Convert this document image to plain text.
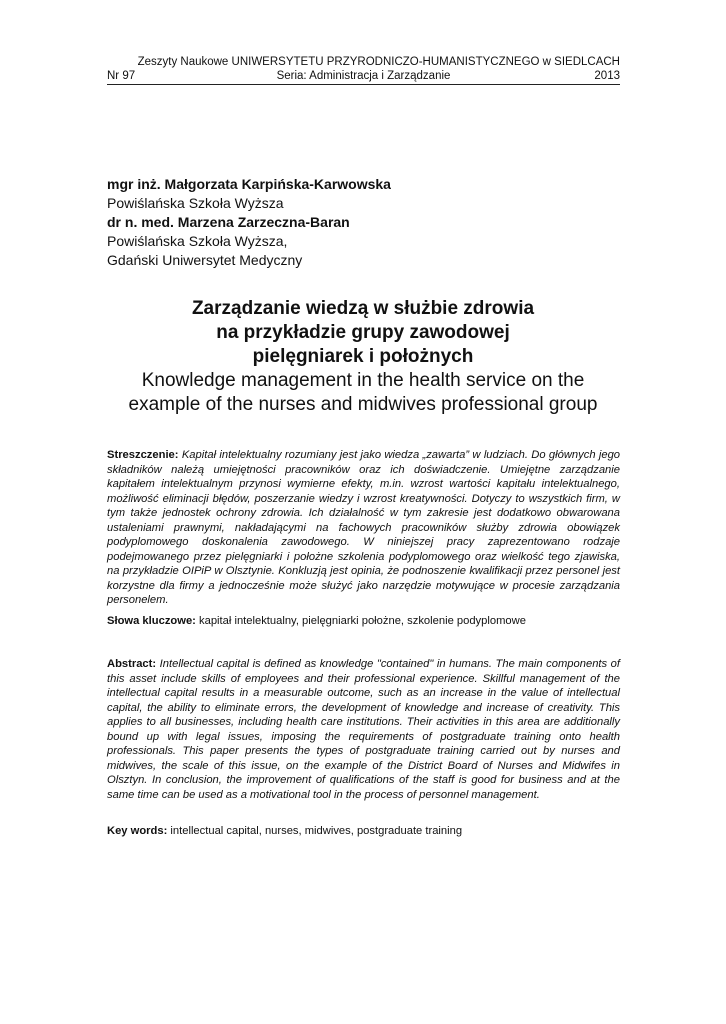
Zeszyty Naukowe UNIWERSYTETU PRZYRODNICZO-HUMANISTYCZNEGO w SIEDLCACH
Nr 97	Seria: Administracja i Zarządzanie	2013
mgr inż. Małgorzata Karpińska-Karwowska
Powiślańska Szkoła Wyższa
dr n. med. Marzena Zarzeczna-Baran
Powiślańska Szkoła Wyższa,
Gdański Uniwersytet Medyczny
Zarządzanie wiedzą w służbie zdrowia
na przykładzie grupy zawodowej
pielęgniarek i położnych
Knowledge management in the health service on the
example of the nurses and midwives professional group
Streszczenie: Kapitał intelektualny rozumiany jest jako wiedza „zawarta” w ludziach. Do głównych jego składników należą umiejętności pracowników oraz ich doświadczenie. Umiejętne zarządzanie kapitałem intelektualnym przynosi wymierne efekty, m.in. wzrost wartości kapitału intelektualnego, możliwość eliminacji błędów, poszerzanie wiedzy i wzrost kreatywności. Dotyczy to wszystkich firm, w tym także jednostek ochrony zdrowia. Ich działalność w tym zakresie jest dodatkowo obwarowana ustaleniami prawnymi, nakładającymi na fachowych pracowników służby zdrowia obowiązek podyplomowego doskonalenia zawodowego. W niniejszej pracy zaprezentowano rodzaje podejmowanego przez pielęgniarki i położne szkolenia podyplomowego oraz wielkość tego zjawiska, na przykładzie OIPiP w Olsztynie. Konkluzją jest opinia, że podnoszenie kwalifikacji przez personel jest korzystne dla firmy a jednocześnie może służyć jako narzędzie motywujące w procesie zarządzania personelem.
Słowa kluczowe: kapitał intelektualny, pielęgniarki położne, szkolenie podyplomowe
Abstract: Intellectual capital is defined as knowledge "contained" in humans. The main components of this asset include skills of employees and their professional experience. Skillful management of the intellectual capital results in a measurable outcome, such as an increase in the value of intellectual capital, the ability to eliminate errors, the development of knowledge and increase of creativity. This applies to all businesses, including health care institutions. Their activities in this area are additionally bound up with legal issues, imposing the requirements of postgraduate training onto health professionals. This paper presents the types of postgraduate training carried out by nurses and midwives, the scale of this issue, on the example of the District Board of Nurses and Midwifes in Olsztyn. In conclusion, the improvement of qualifications of the staff is good for business and at the same time can be used as a motivational tool in the process of personnel management.
Key words: intellectual capital, nurses, midwives, postgraduate training
